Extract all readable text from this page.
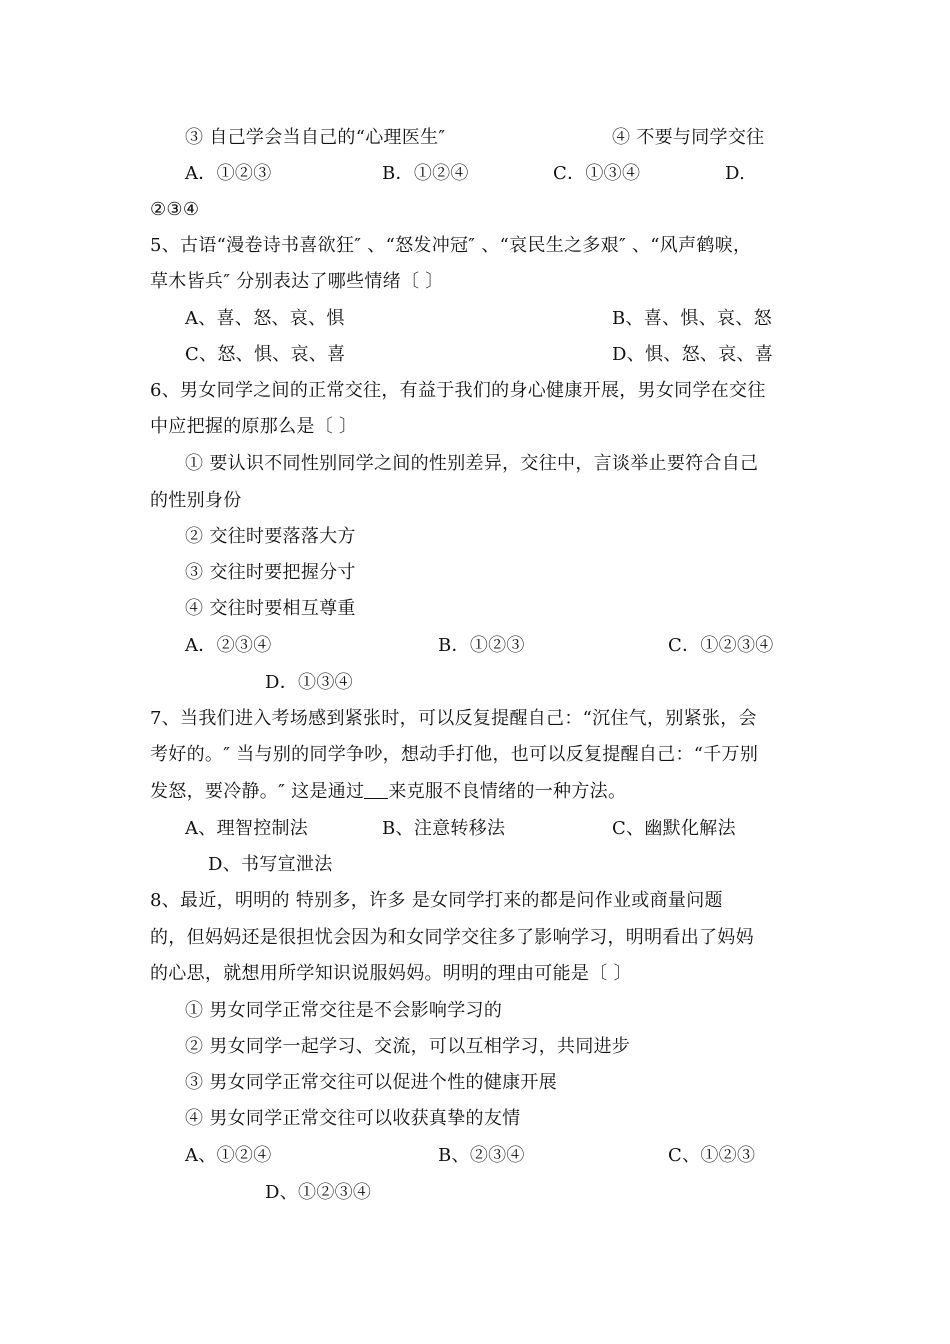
③ 自己学会当自己的“心理医生″	④ 不要与同学交往
A．①②③	B．①②④	C．①③④	D.
②③④
5、古语“漫卷诗书喜欲狂″ 、“怒发冲冠″ 、“哀民生之多艰″ 、“风声鹤唳，
草木皆兵″ 分别表达了哪些情绪〔 〕
A、喜、怒、哀、惧	B、喜、惧、哀、怒
C、怒、惧、哀、喜	D、惧、怒、哀、喜
6、男女同学之间的正常交往，有益于我们的身心健康开展，男女同学在交往
中应把握的原那么是〔 〕
① 要认识不同性别同学之间的性别差异，交往中，言谈举止要符合自己
的性别身份
② 交往时要落落大方
③ 交往时要把握分寸
④ 交往时要相互尊重
A．②③④	B．①②③	C．①②③④
D．①③④
7、当我们进入考场感到紧张时，可以反复提醒自己：“沉住气，别紧张，会
考好的。″ 当与别的同学争吵，想动手打他，也可以反复提醒自己：“千万别
发怒，要冷静。″ 这是通过 来克服不良情绪的一种方法。
A、理智控制法	B、注意转移法	C、幽默化解法
D、书写宣泄法
8、最近，明明的 特别多，许多 是女同学打来的都是问作业或商量问题
的，但妈妈还是很担忧会因为和女同学交往多了影响学习，明明看出了妈妈
的心思，就想用所学知识说服妈妈。明明的理由可能是〔 〕
① 男女同学正常交往是不会影响学习的
② 男女同学一起学习、交流，可以互相学习，共同进步
③ 男女同学正常交往可以促进个性的健康开展
④ 男女同学正常交往可以收获真挚的友情
A、①②④	B、②③④	C、①②③
D、①②③④
